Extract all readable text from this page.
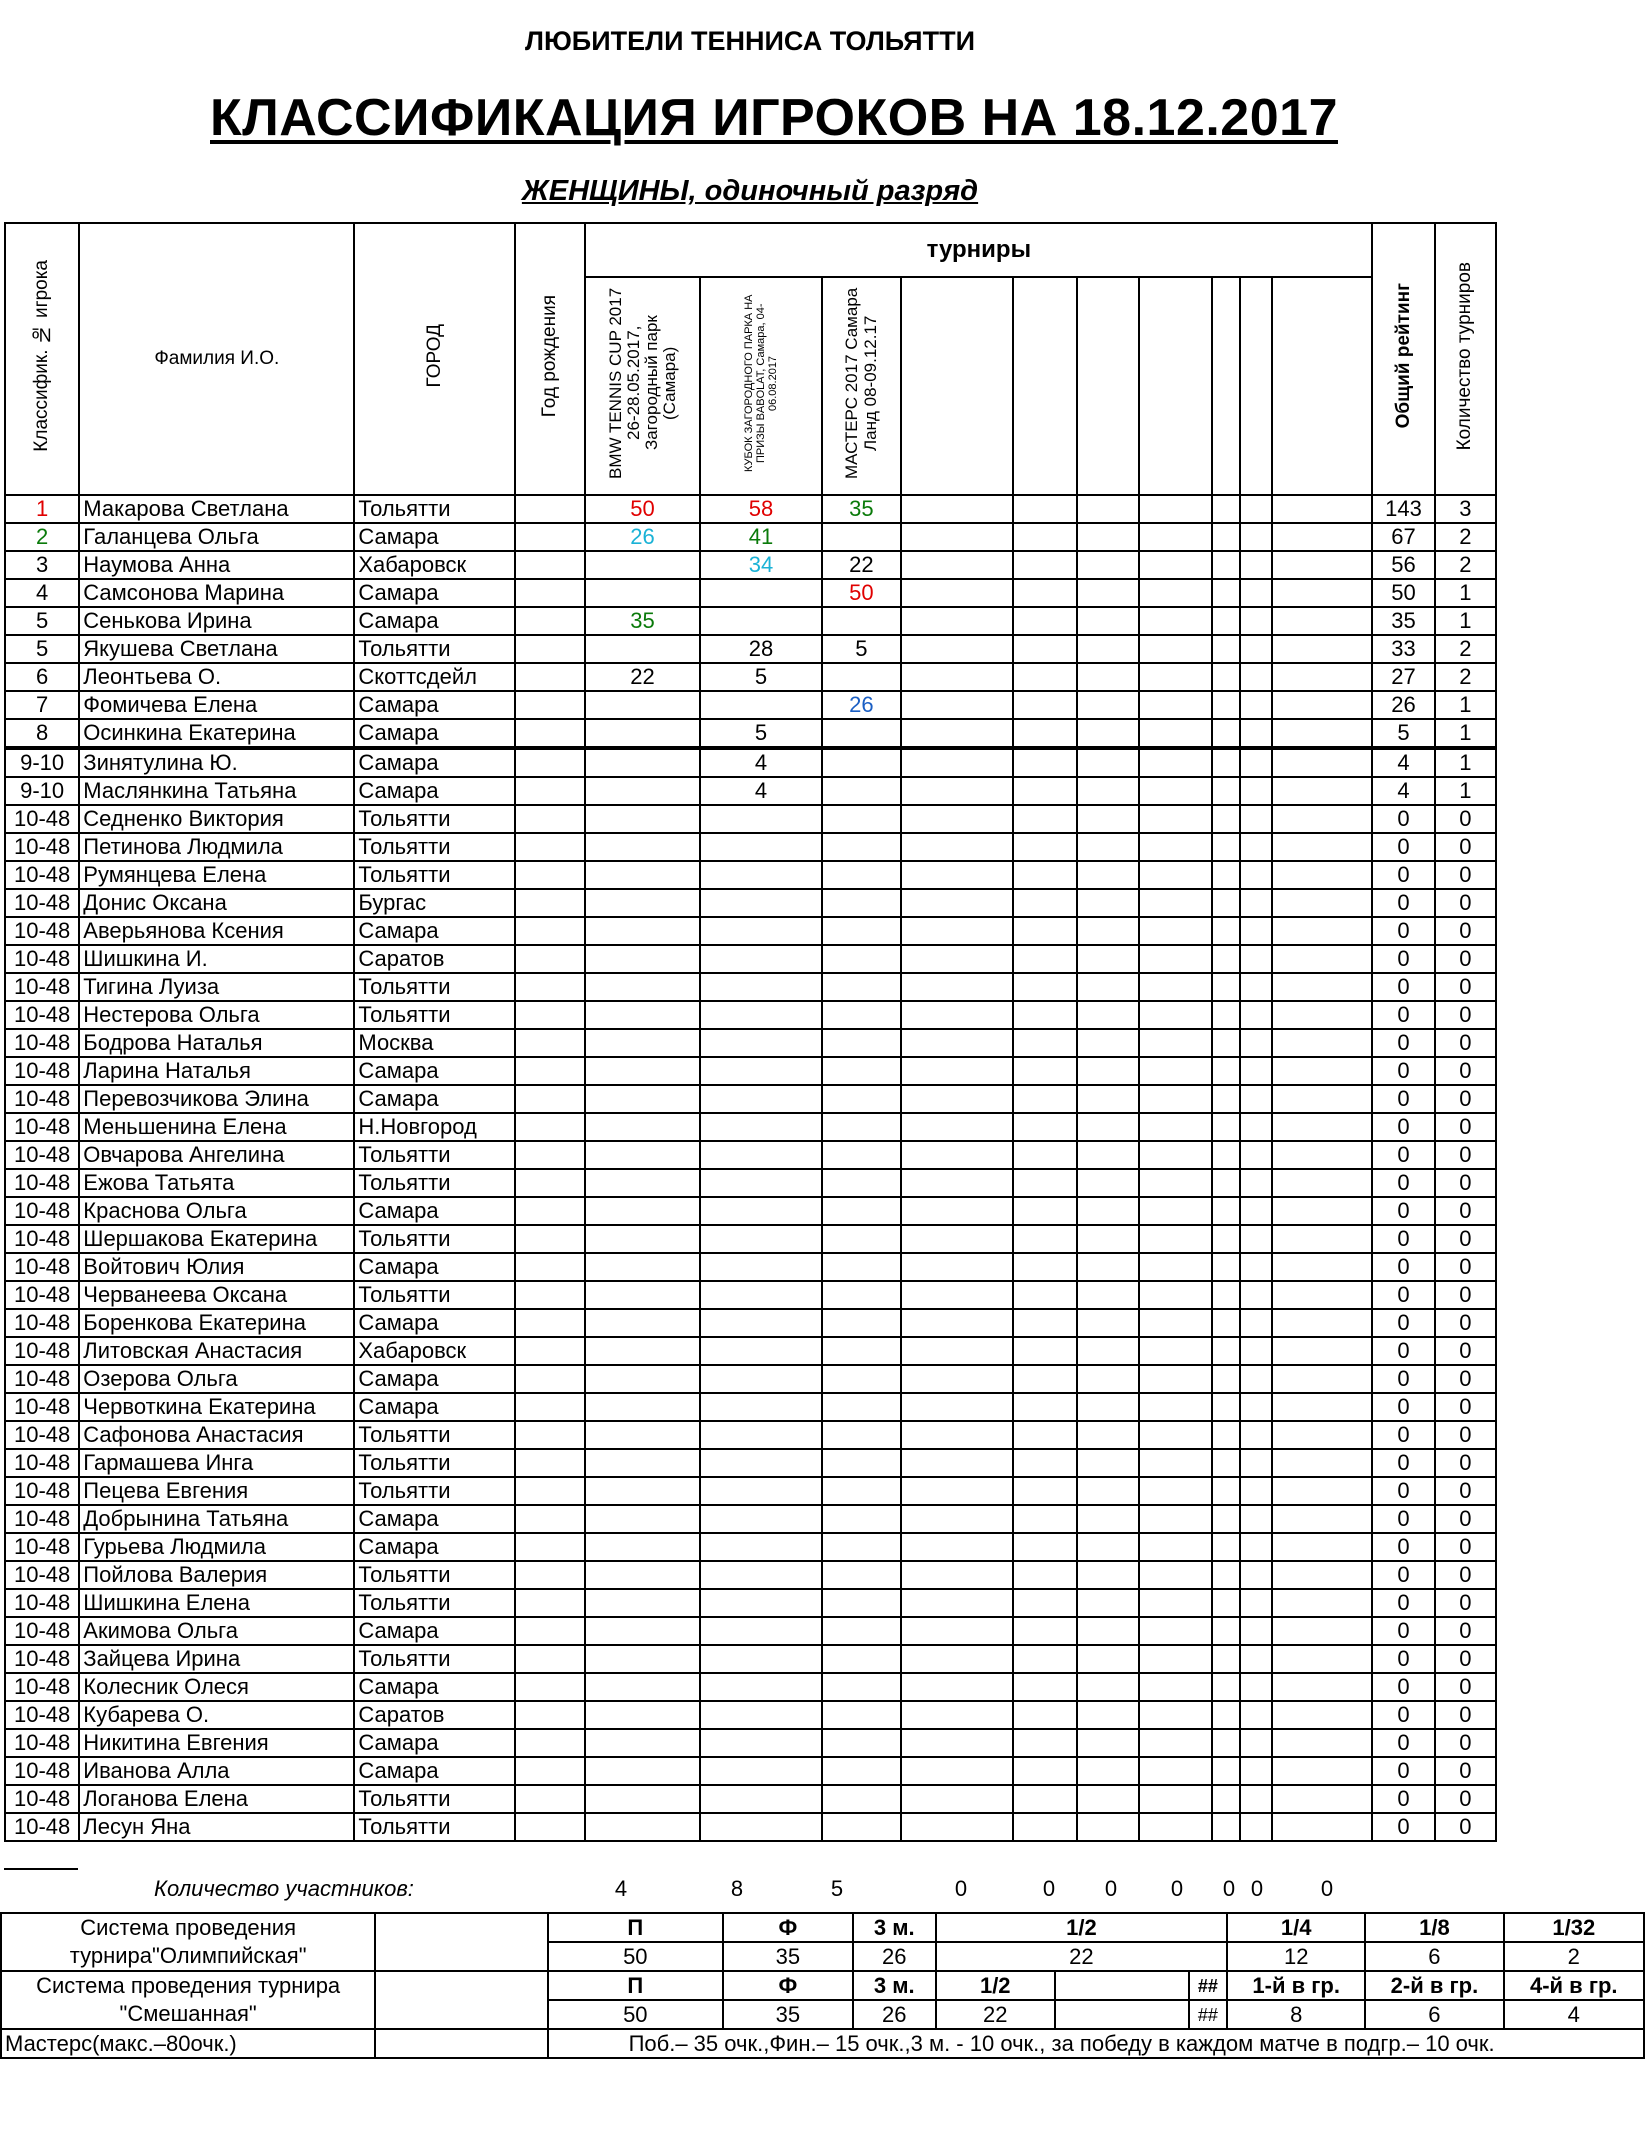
ЛЮБИТЕЛИ ТЕННИСА ТОЛЬЯТТИ
КЛАССИФИКАЦИЯ ИГРОКОВ НА 18.12.2017
ЖЕНЩИНЫ, одиночный разряд
Классифик. № игрока	Фамилия И.О.	ГОРОД	Год рождения	турниры										Общий рейтинг	Количество турниров
				BMW TENNIS CUP 2017 26-28.05.2017, Загородный парк (Самара)	КУБОК ЗАГОРОДНОГО ПАРКА НА ПРИЗЫ BABOLAT, Самара, 04-06.08.2017	МАСТЕРС 2017 Самара Ланд 08-09.12.17									
1	Макарова Светлана	Тольятти		50	58	35								143	3
2	Галанцева Ольга	Самара		26	41									67	2
3	Наумова Анна	Хабаровск			34	22								56	2
4	Самсонова Марина	Самара				50								50	1
5	Сенькова Ирина	Самара		35										35	1
5	Якушева Светлана	Тольятти			28	5								33	2
6	Леонтьева О.	Скоттсдейл		22	5									27	2
7	Фомичева Елена	Самара				26								26	1
8	Осинкина Екатерина	Самара			5									5	1
9-10	Зинятулина Ю.	Самара			4									4	1
9-10	Маслянкина Татьяна	Самара			4									4	1
10-48	Седненко Виктория	Тольятти												0	0
10-48	Петинова Людмила	Тольятти												0	0
10-48	Румянцева Елена	Тольятти												0	0
10-48	Донис Оксана	Бургас												0	0
10-48	Аверьянова Ксения	Самара												0	0
10-48	Шишкина И.	Саратов												0	0
10-48	Тигина Луиза	Тольятти												0	0
10-48	Нестерова Ольга	Тольятти												0	0
10-48	Бодрова Наталья	Москва												0	0
10-48	Ларина Наталья	Самара												0	0
10-48	Перевозчикова Элина	Самара												0	0
10-48	Меньшенина Елена	Н.Новгород												0	0
10-48	Овчарова Ангелина	Тольятти												0	0
10-48	Ежова Татьята	Тольятти												0	0
10-48	Краснова Ольга	Самара												0	0
10-48	Шершакова Екатерина	Тольятти												0	0
10-48	Войтович Юлия	Самара												0	0
10-48	Черванеева Оксана	Тольятти												0	0
10-48	Боренкова Екатерина	Самара												0	0
10-48	Литовская Анастасия	Хабаровск												0	0
10-48	Озерова Ольга	Самара												0	0
10-48	Червоткина Екатерина	Самара												0	0
10-48	Сафонова Анастасия	Тольятти												0	0
10-48	Гармашева Инга	Тольятти												0	0
10-48	Пецева Евгения	Тольятти												0	0
10-48	Добрынина Татьяна	Самара												0	0
10-48	Гурьева Людмила	Самара												0	0
10-48	Пойлова Валерия	Тольятти												0	0
10-48	Шишкина Елена	Тольятти												0	0
10-48	Акимова Ольга	Самара												0	0
10-48	Зайцева Ирина	Тольятти												0	0
10-48	Колесник Олеся	Самара												0	0
10-48	Кубарева О.	Саратов												0	0
10-48	Никитина Евгения	Самара												0	0
10-48	Иванова Алла	Самара												0	0
10-48	Логанова Елена	Тольятти												0	0
10-48	Лесун Яна	Тольятти												0	0
Количество участников:	4	8	5	0	0	0	0	0 0	0
Система проведения		П	Ф	3 м.	1/2			1/4	1/8	1/32
турнира"Олимпийская"		50	35	26	22			12	6	2
Система проведения турнира		П	Ф	3 м.	1/2		##	1-й в гр.	2-й в гр.	4-й в гр.
"Смешанная"		50	35	26	22		##	8	6	4
Мастерс(макс.–80очк.)		Поб.– 35 очк.,Фин.– 15 очк.,3 м. - 10 очк., за победу в каждом матче в подгр.– 10 очк.								
